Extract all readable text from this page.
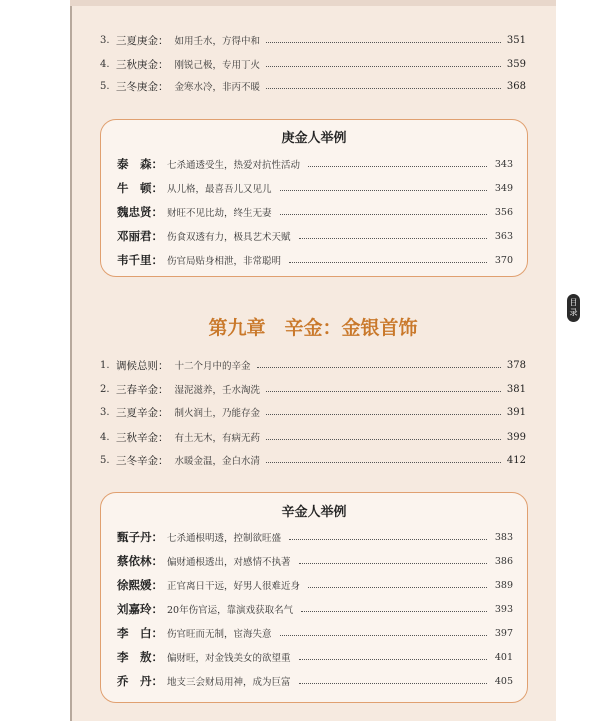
3. 三夏庚金： 如用壬水，方得中和	351
4. 三秋庚金： 刚锐己极，专用丁火	359
5. 三冬庚金： 金寒水冷，非丙不暖	368
庚金人举例
泰　森： 七杀通透受生，热爱对抗性活动	343
牛　顿： 从儿格，最喜吾儿又见儿	349
魏忠贤： 财旺不见比劫，终生无妻	356
邓丽君： 伤食双透有力，极具艺术天赋	363
韦千里： 伤官局贴身相泄，非常聪明	370
第九章　辛金：金银首饰
1. 调候总则： 十二个月中的辛金	378
2. 三春辛金： 湿泥滋养，壬水淘洗	381
3. 三夏辛金： 制火润土，乃能存金	391
4. 三秋辛金： 有土无木，有病无药	399
5. 三冬辛金： 水暖金温，金白水清	412
辛金人举例
甄子丹： 七杀通根明透，控制欲旺盛	383
蔡依林： 偏财通根透出，对感情不执著	386
徐熙媛： 正官离日干远，好男人很难近身	389
刘嘉玲： 20年伤官运，靠演戏获取名气	393
李　白： 伤官旺而无制，宦海失意	397
李　敖： 偏财旺，对金钱美女的欲望重	401
乔　丹： 地支三会财局用神，成为巨富	405
目
录
